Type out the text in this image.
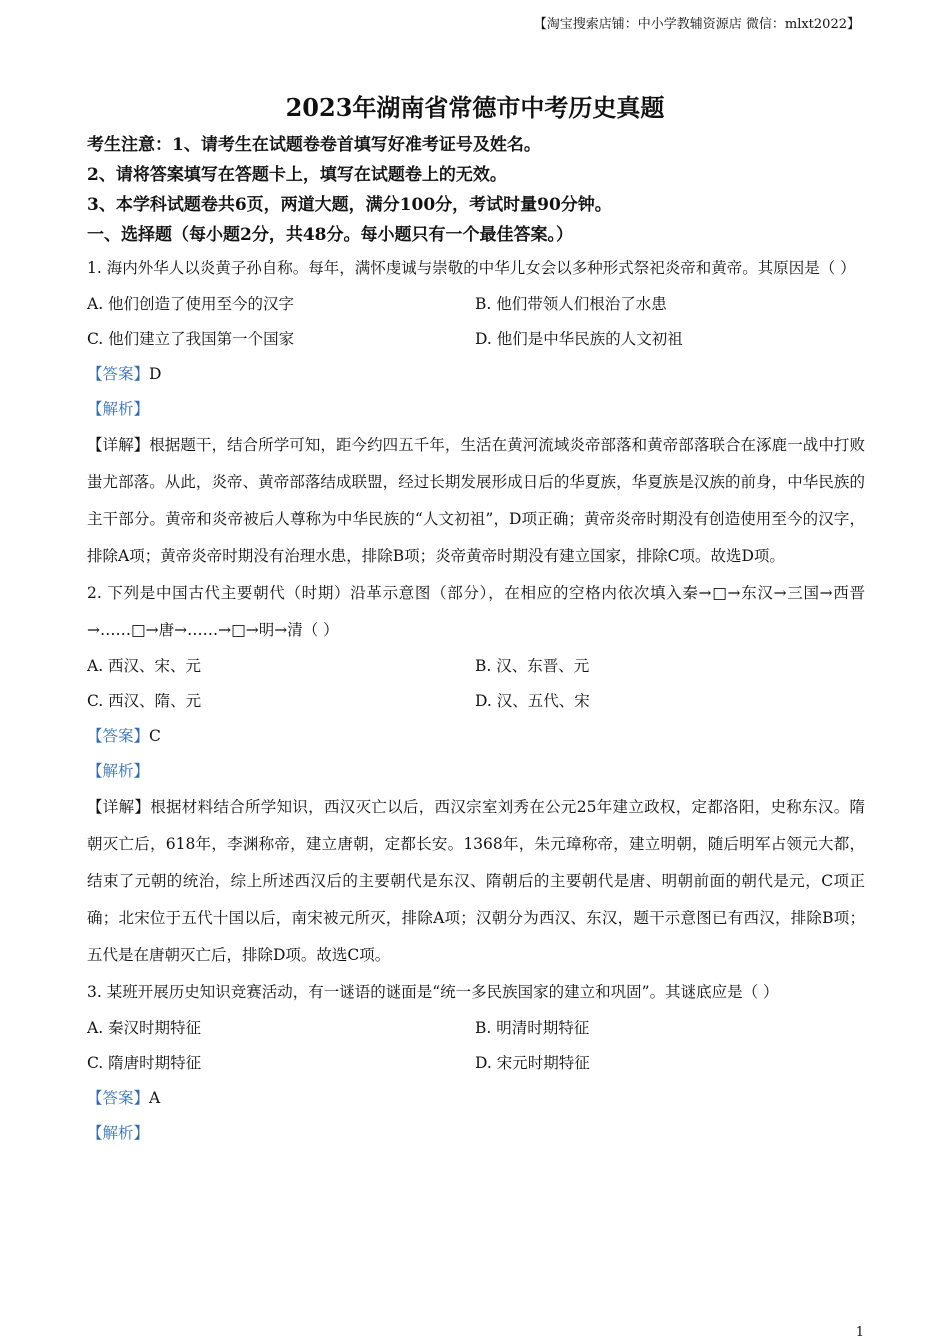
【淘宝搜索店铺：中小学教辅资源店 微信：mlxt2022】
2023年湖南省常德市中考历史真题

考生注意：1、请考生在试题卷卷首填写好准考证号及姓名。

2、请将答案填写在答题卡上，填写在试题卷上的无效。

3、本学科试题卷共6页，两道大题，满分100分，考试时量90分钟。

一、选择题（每小题2分，共48分。每小题只有一个最佳答案。）

1. 海内外华人以炎黄子孙自称。每年，满怀虔诚与崇敬的中华儿女会以多种形式祭祀炎帝和黄帝。其原因是（ ）

A. 他们创造了使用至今的汉字	B. 他们带领人们根治了水患
C. 他们建立了我国第一个国家	D. 他们是中华民族的人文初祖

【答案】D

【解析】

【详解】根据题干，结合所学可知，距今约四五千年，生活在黄河流域炎帝部落和黄帝部落联合在涿鹿一战中打败蚩尤部落。从此，炎帝、黄帝部落结成联盟，经过长期发展形成日后的华夏族，华夏族是汉族的前身，中华民族的主干部分。黄帝和炎帝被后人尊称为中华民族的“人文初祖”，D项正确；黄帝炎帝时期没有创造使用至今的汉字，排除A项；黄帝炎帝时期没有治理水患，排除B项；炎帝黄帝时期没有建立国家，排除C项。故选D项。

2. 下列是中国古代主要朝代（时期）沿革示意图（部分），在相应的空格内依次填入秦→□→东汉→三国→西晋→……□→唐→……→□→明→清（ ）

A. 西汉、宋、元	B. 汉、东晋、元
C. 西汉、隋、元	D. 汉、五代、宋

【答案】C

【解析】

【详解】根据材料结合所学知识，西汉灭亡以后，西汉宗室刘秀在公元25年建立政权，定都洛阳，史称东汉。隋朝灭亡后，618年，李渊称帝，建立唐朝，定都长安。1368年，朱元璋称帝，建立明朝，随后明军占领元大都，结束了元朝的统治，综上所述西汉后的主要朝代是东汉、隋朝后的主要朝代是唐、明朝前面的朝代是元，C项正确；北宋位于五代十国以后，南宋被元所灭，排除A项；汉朝分为西汉、东汉，题干示意图已有西汉，排除B项；五代是在唐朝灭亡后，排除D项。故选C项。

3. 某班开展历史知识竞赛活动，有一谜语的谜面是“统一多民族国家的建立和巩固”。其谜底应是（ ）

A. 秦汉时期特征	B. 明清时期特征
C. 隋唐时期特征	D. 宋元时期特征

【答案】A

【解析】

1
